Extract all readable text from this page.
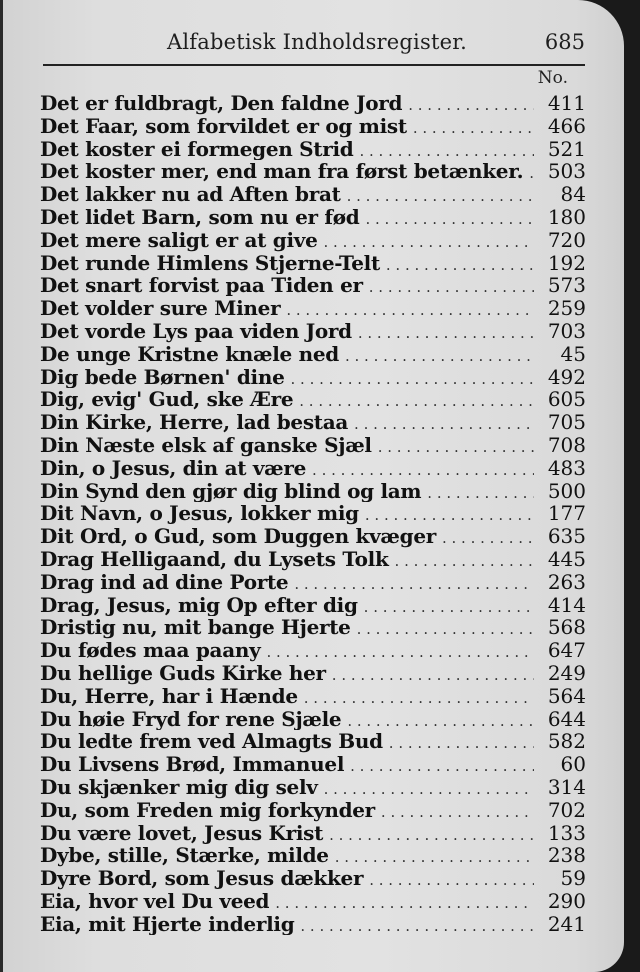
Alfabetisk Indholdsregister.	685
No.
Det er fuldbragt, Den faldne Jord . . .	411
Det Faar, som forvildet er og mist . . .	466
Det koster ei formegen Strid . . .	521
Det koster mer, end man fra først betænker. . . .	503
Det lakker nu ad Aften brat . . .	84
Det lidet Barn, som nu er fød . . .	180
Det mere saligt er at give . . .	720
Det runde Himlens Stjerne-Telt . . .	192
Det snart forvist paa Tiden er . . .	573
Det volder sure Miner . . .	259
Det vorde Lys paa viden Jord . . .	703
De unge Kristne knæle ned . . .	45
Dig bede Børnen' dine . . .	492
Dig, evig' Gud, ske Ære . . .	605
Din Kirke, Herre, lad bestaa . . .	705
Din Næste elsk af ganske Sjæl . . .	708
Din, o Jesus, din at være . . .	483
Din Synd den gjør dig blind og lam . . .	500
Dit Navn, o Jesus, lokker mig . . .	177
Dit Ord, o Gud, som Duggen kvæger . . .	635
Drag Helligaand, du Lysets Tolk . . .	445
Drag ind ad dine Porte . . .	263
Drag, Jesus, mig Op efter dig . . .	414
Dristig nu, mit bange Hjerte . . .	568
Du fødes maa paany . . .	647
Du hellige Guds Kirke her . . .	249
Du, Herre, har i Hænde . . .	564
Du høie Fryd for rene Sjæle . . .	644
Du ledte frem ved Almagts Bud . . .	582
Du Livsens Brød, Immanuel . . .	60
Du skjænker mig dig selv . . .	314
Du, som Freden mig forkynder . . .	702
Du være lovet, Jesus Krist . . .	133
Dybe, stille, Stærke, milde . . .	238
Dyre Bord, som Jesus dækker . . .	59
Eia, hvor vel Du veed . . .	290
Eia, mit Hjerte inderlig . . .	241
